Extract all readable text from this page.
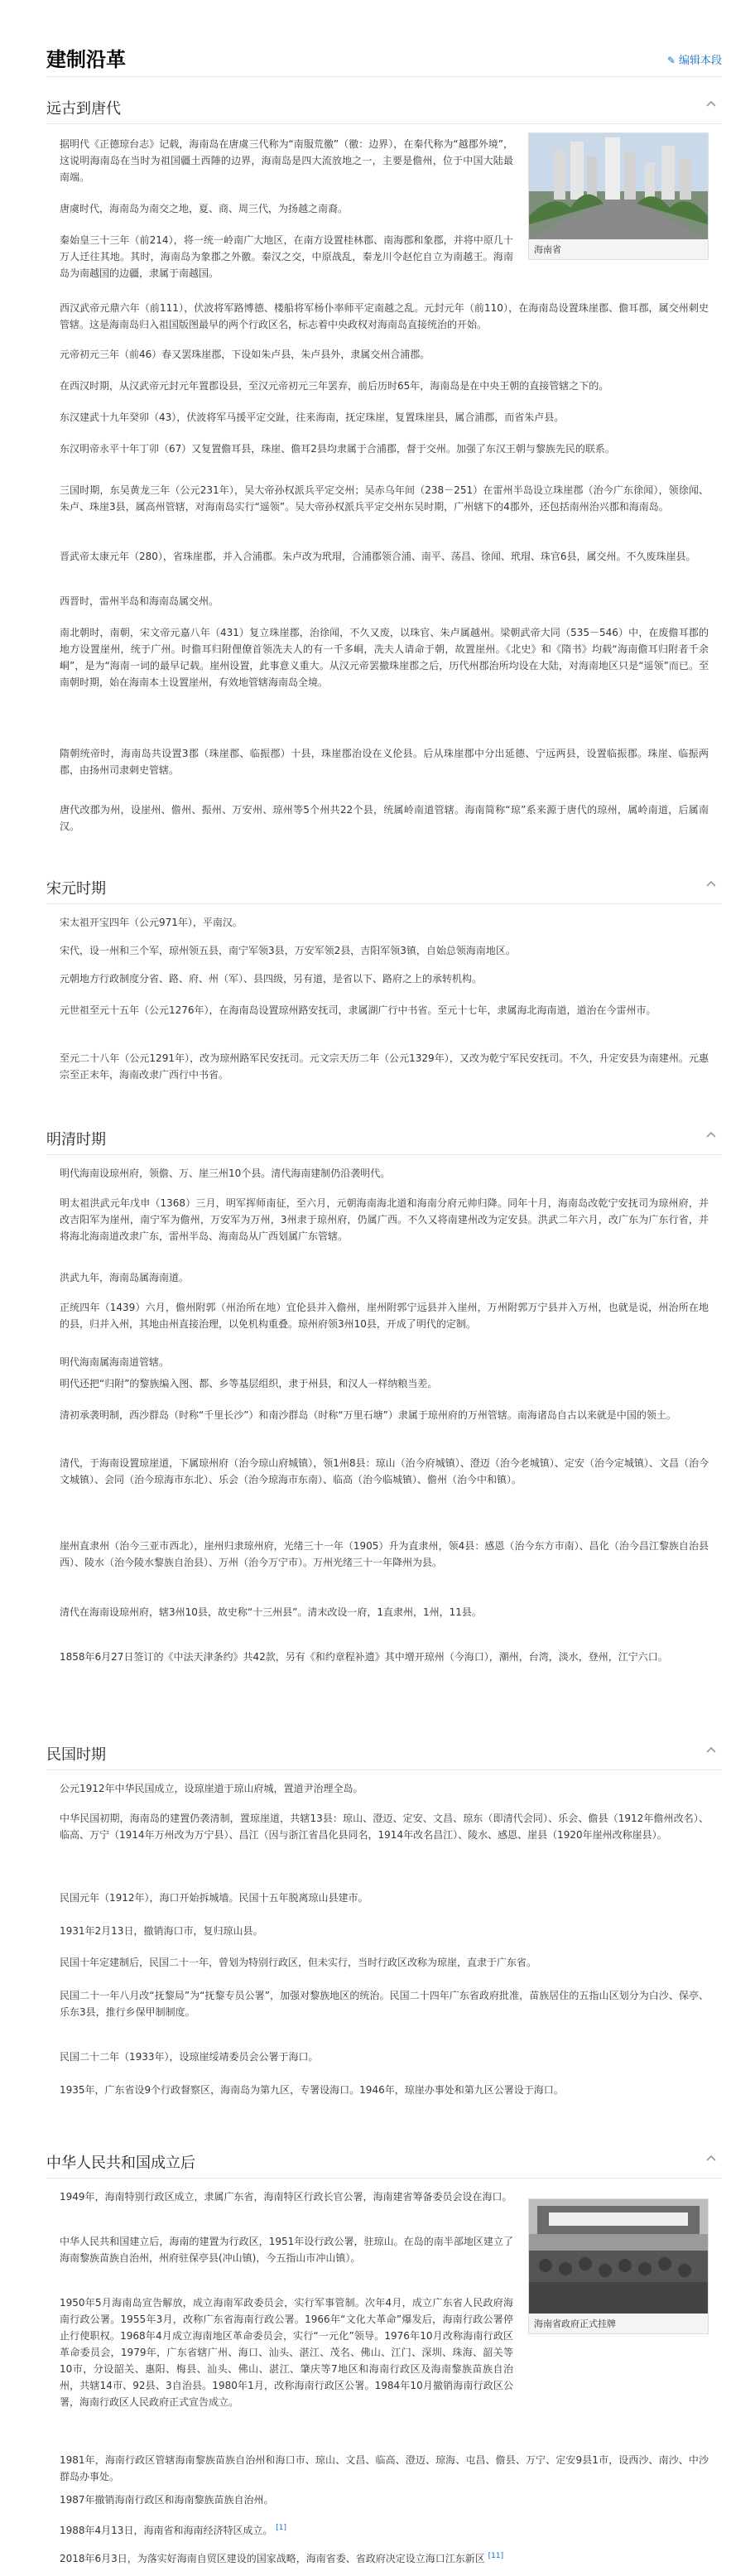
建制沿革	✎ 编辑本段
远古到唐代
海南省

据明代《正德琼台志》记载，海南岛在唐虞三代称为“南服荒徼”（徼：边界），在秦代称为“越郡外境”，这说明海南岛在当时为祖国疆土西陲的边界，海南岛是四大流放地之一，主要是儋州，位于中国大陆最南端。

唐虞时代，海南岛为南交之地，夏、商、周三代，为扬越之南裔。

秦始皇三十三年（前214），将一统一岭南广大地区，在南方设置桂林郡、南海郡和象郡，并将中原几十万人迁往其地。其时，海南岛为象郡之外徼。秦汉之交，中原战乱，秦龙川令赵佗自立为南越王。海南岛为南越国的边疆，隶属于南越国。

西汉武帝元鼎六年（前111），伏波将军路博德、楼船将军杨仆率师平定南越之乱。元封元年（前110），在海南岛设置珠崖郡、儋耳郡，属交州刺史管辖。这是海南岛归入祖国版图最早的两个行政区名，标志着中央政权对海南岛直接统治的开始。

元帝初元三年（前46）春又罢珠崖郡，下设如朱卢县，朱卢县外，隶属交州合浦郡。

在西汉时期，从汉武帝元封元年置郡设县，至汉元帝初元三年罢弃，前后历时65年，海南岛是在中央王朝的直接管辖之下的。

东汉建武十九年癸卯（43），伏波将军马援平定交趾，往来海南，抚定珠崖，复置珠崖县，属合浦郡，而省朱卢县。

东汉明帝永平十年丁卯（67）又复置儋耳县，珠崖、儋耳2县均隶属于合浦郡，督于交州。加强了东汉王朝与黎族先民的联系。

三国时期，东吴黄龙三年（公元231年），吴大帝孙权派兵平定交州；吴赤乌年间（238－251）在雷州半岛设立珠崖郡（治今广东徐闻），领徐闻、朱卢、珠崖3县，属高州管辖，对海南岛实行“遥领”。吴大帝孙权派兵平定交州东吴时期，广州辖下的4郡外，还包括南州治兴郡和海南岛。

晋武帝太康元年（280），省珠崖郡，并入合浦郡。朱卢改为玳瑁，合浦郡领合浦、南平、荡昌、徐闻、玳瑁、珠官6县，属交州。不久废珠崖县。

西晋时，雷州半岛和海南岛属交州。

南北朝时，南朝，宋文帝元嘉八年（431）复立珠崖郡，治徐闻，不久又废，以珠官、朱卢属越州。梁朝武帝大同（535－546）中，在废儋耳郡的地方设置崖州，统于广州。时儋耳归附俚僚首领冼夫人的有一千多峒，冼夫人请命于朝，故置崖州。《北史》和《隋书》均载“海南儋耳归附者千余峒”，是为“海南一词的最早记载。崖州设置，此事意义重大。从汉元帝罢撤珠崖郡之后，历代州郡治所均设在大陆，对海南地区只是“遥领”而已。至南朝时期，始在海南本土设置崖州，有效地管辖海南岛全境。

隋朝统帝时，海南岛共设置3郡（珠崖郡、临振郡）十县，珠崖郡治设在义伦县。后从珠崖郡中分出延德、宁远两县，设置临振郡。珠崖、临振两郡，由扬州司隶刺史管辖。

唐代改郡为州，设崖州、儋州、振州、万安州、琼州等5个州共22个县，统属岭南道管辖。海南简称“琼”系来源于唐代的琼州，属岭南道，后属南汉。

宋元时期

宋太祖开宝四年（公元971年），平南汉。

宋代，设一州和三个军，琼州领五县，南宁军领3县，万安军领2县，吉阳军领3镇，自始总领海南地区。

元朝地方行政制度分省、路、府、州（军）、县四级，另有道，是省以下、路府之上的承转机构。

元世祖至元十五年（公元1276年），在海南岛设置琼州路安抚司，隶属湖广行中书省。至元十七年，隶属海北海南道，道治在今雷州市。

至元二十八年（公元1291年），改为琼州路军民安抚司。元文宗天历二年（公元1329年），又改为乾宁军民安抚司。不久，升定安县为南建州。元惠宗至正末年，海南改隶广西行中书省。

明清时期

明代海南设琼州府，领儋、万、崖三州10个县。清代海南建制仍沿袭明代。

明太祖洪武元年戊申（1368）三月，明军挥师南征，至六月，元朝海南海北道和海南分府元帅归降。同年十月，海南岛改乾宁安抚司为琼州府，并改吉阳军为崖州，南宁军为儋州，万安军为万州，3州隶于琼州府，仍属广西。不久又将南建州改为定安县。洪武二年六月，改广东为广东行省，并将海北海南道改隶广东，雷州半岛、海南岛从广西划属广东管辖。

洪武九年，海南岛属海南道。

正统四年（1439）六月，儋州附郭（州治所在地）宜伦县并入儋州，崖州附郭宁远县并入崖州，万州附郭万宁县并入万州，也就是说，州治所在地的县，归并入州，其地由州直接治理，以免机构重叠。琼州府领3州10县，开成了明代的定制。

明代海南属海南道管辖。

明代还把“归附”的黎族编入图、都、乡等基层组织，隶于州县，和汉人一样纳粮当差。

清初承袭明制，西沙群岛（时称“千里长沙”）和南沙群岛（时称“万里石塘”）隶属于琼州府的万州管辖。南海诸岛自古以来就是中国的领土。

清代，于海南设置琼崖道，下属琼州府（治今琼山府城镇），领1州8县：琼山（治今府城镇）、澄迈（治今老城镇）、定安（治今定城镇）、文昌（治今文城镇）、会同（治今琼海市东北）、乐会（治今琼海市东南）、临高（治今临城镇）、儋州（治今中和镇）。

崖州直隶州（治今三亚市西北），崖州归隶琼州府，光绪三十一年（1905）升为直隶州，领4县：感恩（治今东方市南）、昌化（治今昌江黎族自治县西）、陵水（治今陵水黎族自治县）、万州（治今万宁市）。万州光绪三十一年降州为县。

清代在海南设琼州府，辖3州10县，故史称“十三州县”。清末改设一府，1直隶州，1州，11县。

1858年6月27日签订的《中法天津条约》共42款，另有《和约章程补遗》其中增开琼州（今海口），潮州，台湾，淡水，登州，江宁六口。

民国时期

公元1912年中华民国成立，设琼崖道于琼山府城，置道尹治理全岛。

中华民国初期，海南岛的建置仍袭清制，置琼崖道，共辖13县：琼山、澄迈、定安、文昌、琼东（即清代会同）、乐会、儋县（1912年儋州改名）、临高、万宁（1914年万州改为万宁县）、昌江（因与浙江省昌化县同名，1914年改名昌江）、陵水、感恩、崖县（1920年崖州改称崖县）。

民国元年（1912年），海口开始拆城墙。民国十五年脱离琼山县建市。

1931年2月13日，撤销海口市，复归琼山县。

民国十年定建制后，民国二十一年，曾划为特别行政区，但未实行，当时行政区改称为琼崖，直隶于广东省。

民国二十一年八月改“抚黎局”为“抚黎专员公署”，加强对黎族地区的统治。民国二十四年广东省政府批准，苗族居住的五指山区划分为白沙、保亭、乐东3县，推行乡保甲制制度。

民国二十二年（1933年），设琼崖绥靖委员会公署于海口。

1935年，广东省设9个行政督察区，海南岛为第九区，专署设海口。1946年，琼崖办事处和第九区公署设于海口。

中华人民共和国成立后
海南省政府正式挂牌

1949年，海南特别行政区成立，隶属广东省，海南特区行政长官公署，海南建省筹备委员会设在海口。

中华人民共和国建立后，海南的建置为行政区，1951年设行政公署，驻琼山。在岛的南半部地区建立了海南黎族苗族自治州，州府驻保亭县(冲山镇)，今五指山市冲山镇）。

1950年5月海南岛宣告解放，成立海南军政委员会，实行军事管制。次年4月，成立广东省人民政府海南行政公署。1955年3月，改称广东省海南行政公署。1966年“文化大革命”爆发后，海南行政公署停止行使职权。1968年4月成立海南地区革命委员会，实行“一元化”领导。1976年10月改称海南行政区革命委员会，1979年，广东省辖广州、海口、汕头、湛江、茂名、佛山、江门、深圳、珠海、韶关等10市，分设韶关、惠阳、梅县、汕头、佛山、湛江、肇庆等7地区和海南行政区及海南黎族苗族自治州，共辖14市、92县、3自治县。1980年1月，改称海南行政区公署。1984年10月撤销海南行政区公署，海南行政区人民政府正式宣告成立。

1981年，海南行政区管辖海南黎族苗族自治州和海口市、琼山、文昌、临高、澄迈、琼海、屯昌、儋县、万宁、定安9县1市，设西沙、南沙、中沙群岛办事处。

1987年撤销海南行政区和海南黎族苗族自治州。

1988年4月13日，海南省和海南经济特区成立。 [1]

2018年6月3日，为落实好海南自贸区建设的国家战略，海南省委、省政府决定设立海口江东新区 [11]
